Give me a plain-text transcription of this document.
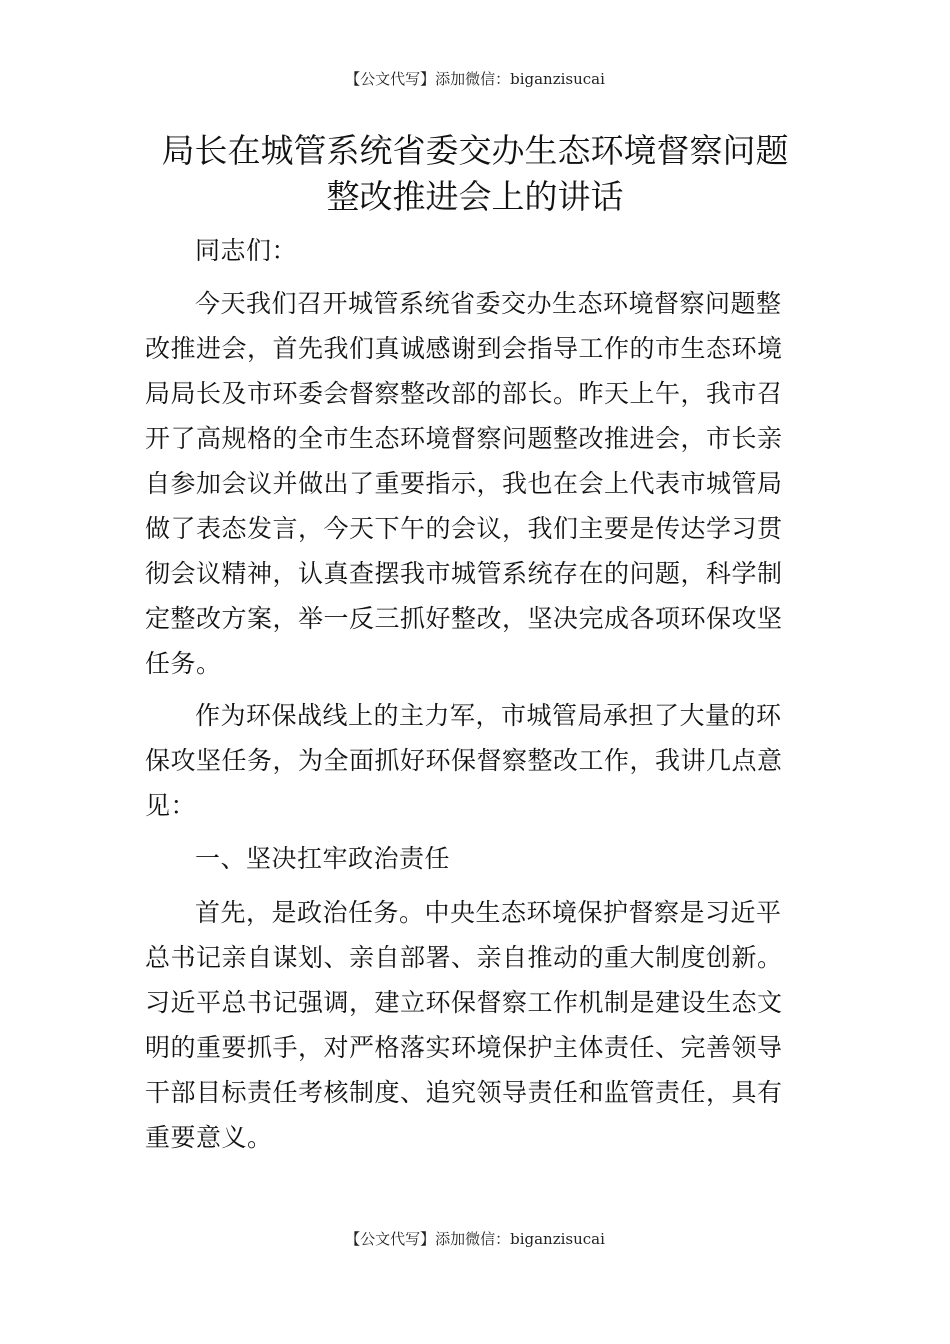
【公文代写】添加微信：biganzisucai
局长在城管系统省委交办生态环境督察问题
整改推进会上的讲话

同志们：

今天我们召开城管系统省委交办生态环境督察问题整
改推进会，首先我们真诚感谢到会指导工作的市生态环境
局局长及市环委会督察整改部的部长。昨天上午，我市召
开了高规格的全市生态环境督察问题整改推进会，市长亲
自参加会议并做出了重要指示，我也在会上代表市城管局
做了表态发言，今天下午的会议，我们主要是传达学习贯
彻会议精神，认真查摆我市城管系统存在的问题，科学制
定整改方案，举一反三抓好整改，坚决完成各项环保攻坚
任务。

作为环保战线上的主力军，市城管局承担了大量的环
保攻坚任务，为全面抓好环保督察整改工作，我讲几点意
见：

一、坚决扛牢政治责任

首先，是政治任务。中央生态环境保护督察是习近平
总书记亲自谋划、亲自部署、亲自推动的重大制度创新。
习近平总书记强调，建立环保督察工作机制是建设生态文
明的重要抓手，对严格落实环境保护主体责任、完善领导
干部目标责任考核制度、追究领导责任和监管责任，具有
重要意义。

【公文代写】添加微信：biganzisucai
